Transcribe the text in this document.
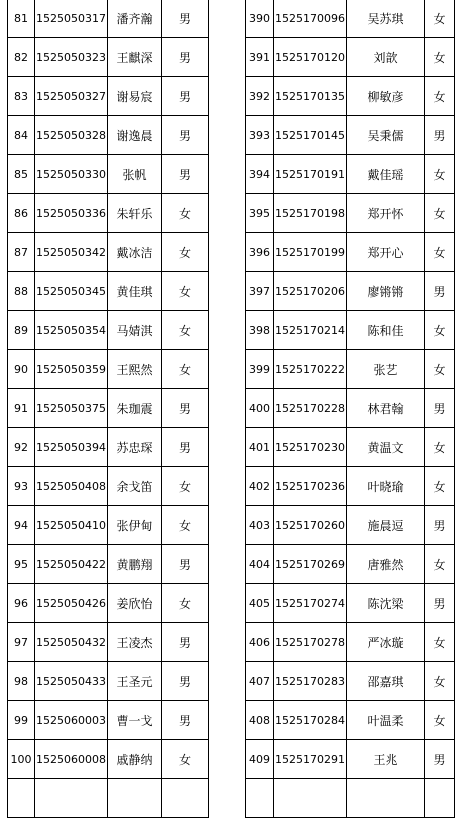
81	1525050317	潘齐瀚	男
82	1525050323	王麒深	男
83	1525050327	谢易宸	男
84	1525050328	谢逸晨	男
85	1525050330	张帆	男
86	1525050336	朱轩乐	女
87	1525050342	戴冰洁	女
88	1525050345	黄佳琪	女
89	1525050354	马婧淇	女
90	1525050359	王熙然	女
91	1525050375	朱珈震	男
92	1525050394	苏忠琛	男
93	1525050408	余戈笛	女
94	1525050410	张伊甸	女
95	1525050422	黄鹏翔	男
96	1525050426	姜欣怡	女
97	1525050432	王凌杰	男
98	1525050433	王圣元	男
99	1525060003	曹一戈	男
100	1525060008	戚静纳	女

390	1525170096	吴苏琪	女
391	1525170120	刘歆	女
392	1525170135	柳敏彦	女
393	1525170145	吴秉儒	男
394	1525170191	戴佳瑶	女
395	1525170198	郑开怀	女
396	1525170199	郑开心	女
397	1525170206	廖锵锵	男
398	1525170214	陈和佳	女
399	1525170222	张艺	女
400	1525170228	林君翰	男
401	1525170230	黄温文	女
402	1525170236	叶晓瑜	女
403	1525170260	施晨逗	男
404	1525170269	唐雅然	女
405	1525170274	陈沈梁	男
406	1525170278	严冰璇	女
407	1525170283	邵嘉琪	女
408	1525170284	叶温柔	女
409	1525170291	王兆	男
